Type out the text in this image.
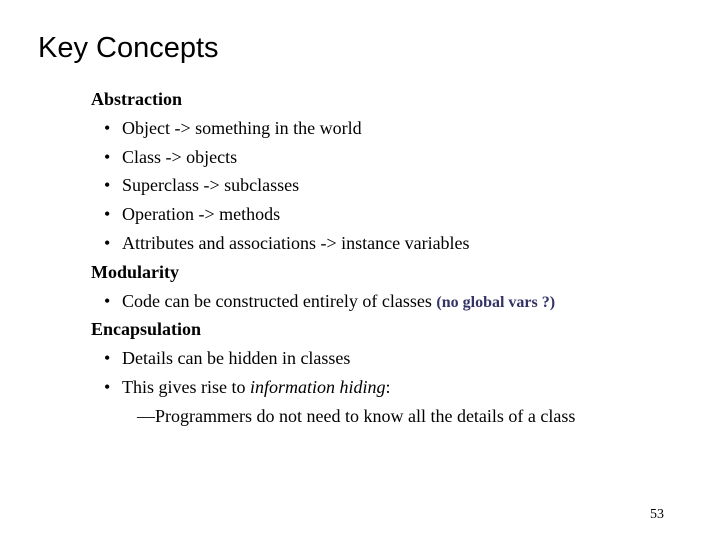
Key Concepts
Abstraction
• Object -> something in the world
• Class -> objects
• Superclass -> subclasses
• Operation -> methods
• Attributes and associations -> instance variables
Modularity
• Code can be constructed entirely of classes (no global vars ?)
Encapsulation
• Details can be hidden in classes
• This gives rise to information hiding:
—Programmers do not need to know all the details of a class
53
